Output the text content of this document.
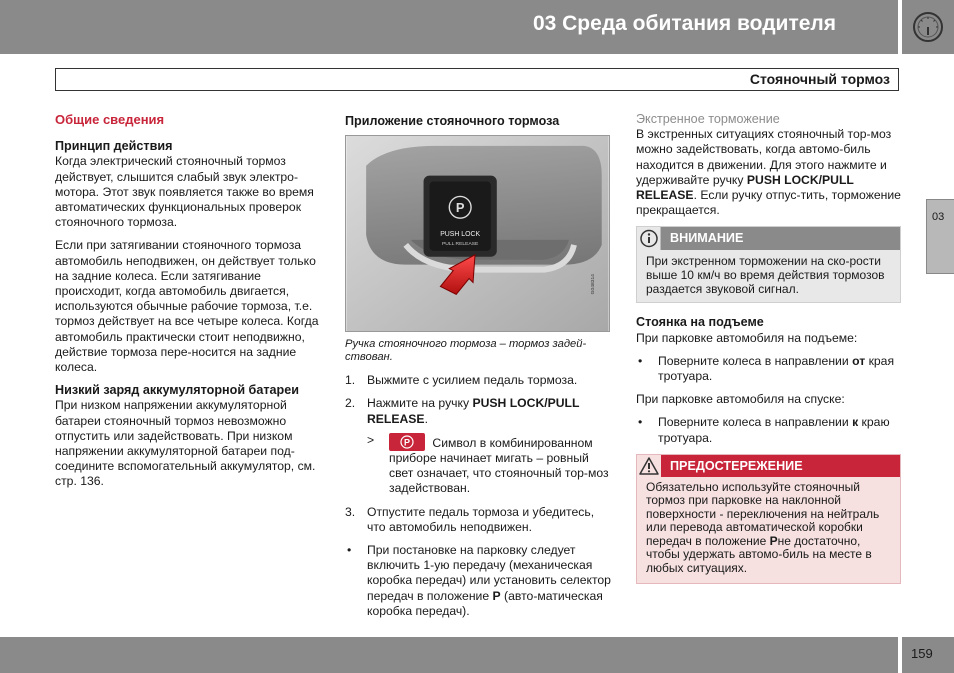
03 Среда обитания водителя
Стояночный тормоз
Общие сведения
Принцип действия

Когда электрический стояночный тормоз действует, слышится слабый звук электро-мотора. Этот звук появляется также во время автоматических функциональных проверок стояночного тормоза.

Если при затягивании стояночного тормоза автомобиль неподвижен, он действует только на задние колеса. Если затягивание происходит, когда автомобиль двигается, используются обычные рабочие тормоза, т.е. тормоз действует на все четыре колеса. Когда автомобиль практически стоит неподвижно, действие тормоза пере-носится на задние колеса.

Низкий заряд аккумуляторной батареи

При низком напряжении аккумуляторной батареи стояночный тормоз невозможно отпустить или задействовать. При низком напряжении аккумуляторной батареи под-соедините вспомогательный аккумулятор, см. стр. 136.

Приложение стояночного тормоза
P
PUSH LOCK
PULL RELEASE
G048314
Ручка стояночного тормоза – тормоз задей-ствован.
1. Выжмите с усилием педаль тормоза.
2. Нажмите на ручку PUSH LOCK/PULL RELEASE.
>	P Символ в комбинированном приборе начинает мигать – ровный свет означает, что стояночный тор-моз задействован.
3. Отпустите педаль тормоза и убедитесь, что автомобиль неподвижен.
• При постановке на парковку следует включить 1-ую передачу (механическая коробка передач) или установить селектор передач в положение P (авто-матическая коробка передач).
Экстренное торможение

В экстренных ситуациях стояночный тор-моз можно задействовать, когда автомо-биль находится в движении. Для этого нажмите и удерживайте ручку PUSH LOCK/PULL RELEASE. Если ручку отпус-тить, торможение прекращается.

ВНИМАНИЕ
При экстренном торможении на ско-рости выше 10 км/ч во время действия тормозов раздается звуковой сигнал.
Стоянка на подъеме

При парковке автомобиля на подъеме:

• Поверните колеса в направлении от края тротуара.

При парковке автомобиля на спуске:

• Поверните колеса в направлении к краю тротуара.
ПРЕДОСТЕРЕЖЕНИЕ
Обязательно используйте стояночный тормоз при парковке на наклонной поверхности - переключения на нейтраль или перевода автоматической коробки передач в положение Pне достаточно, чтобы удержать автомо-биль на месте в любых ситуациях.
03
159
